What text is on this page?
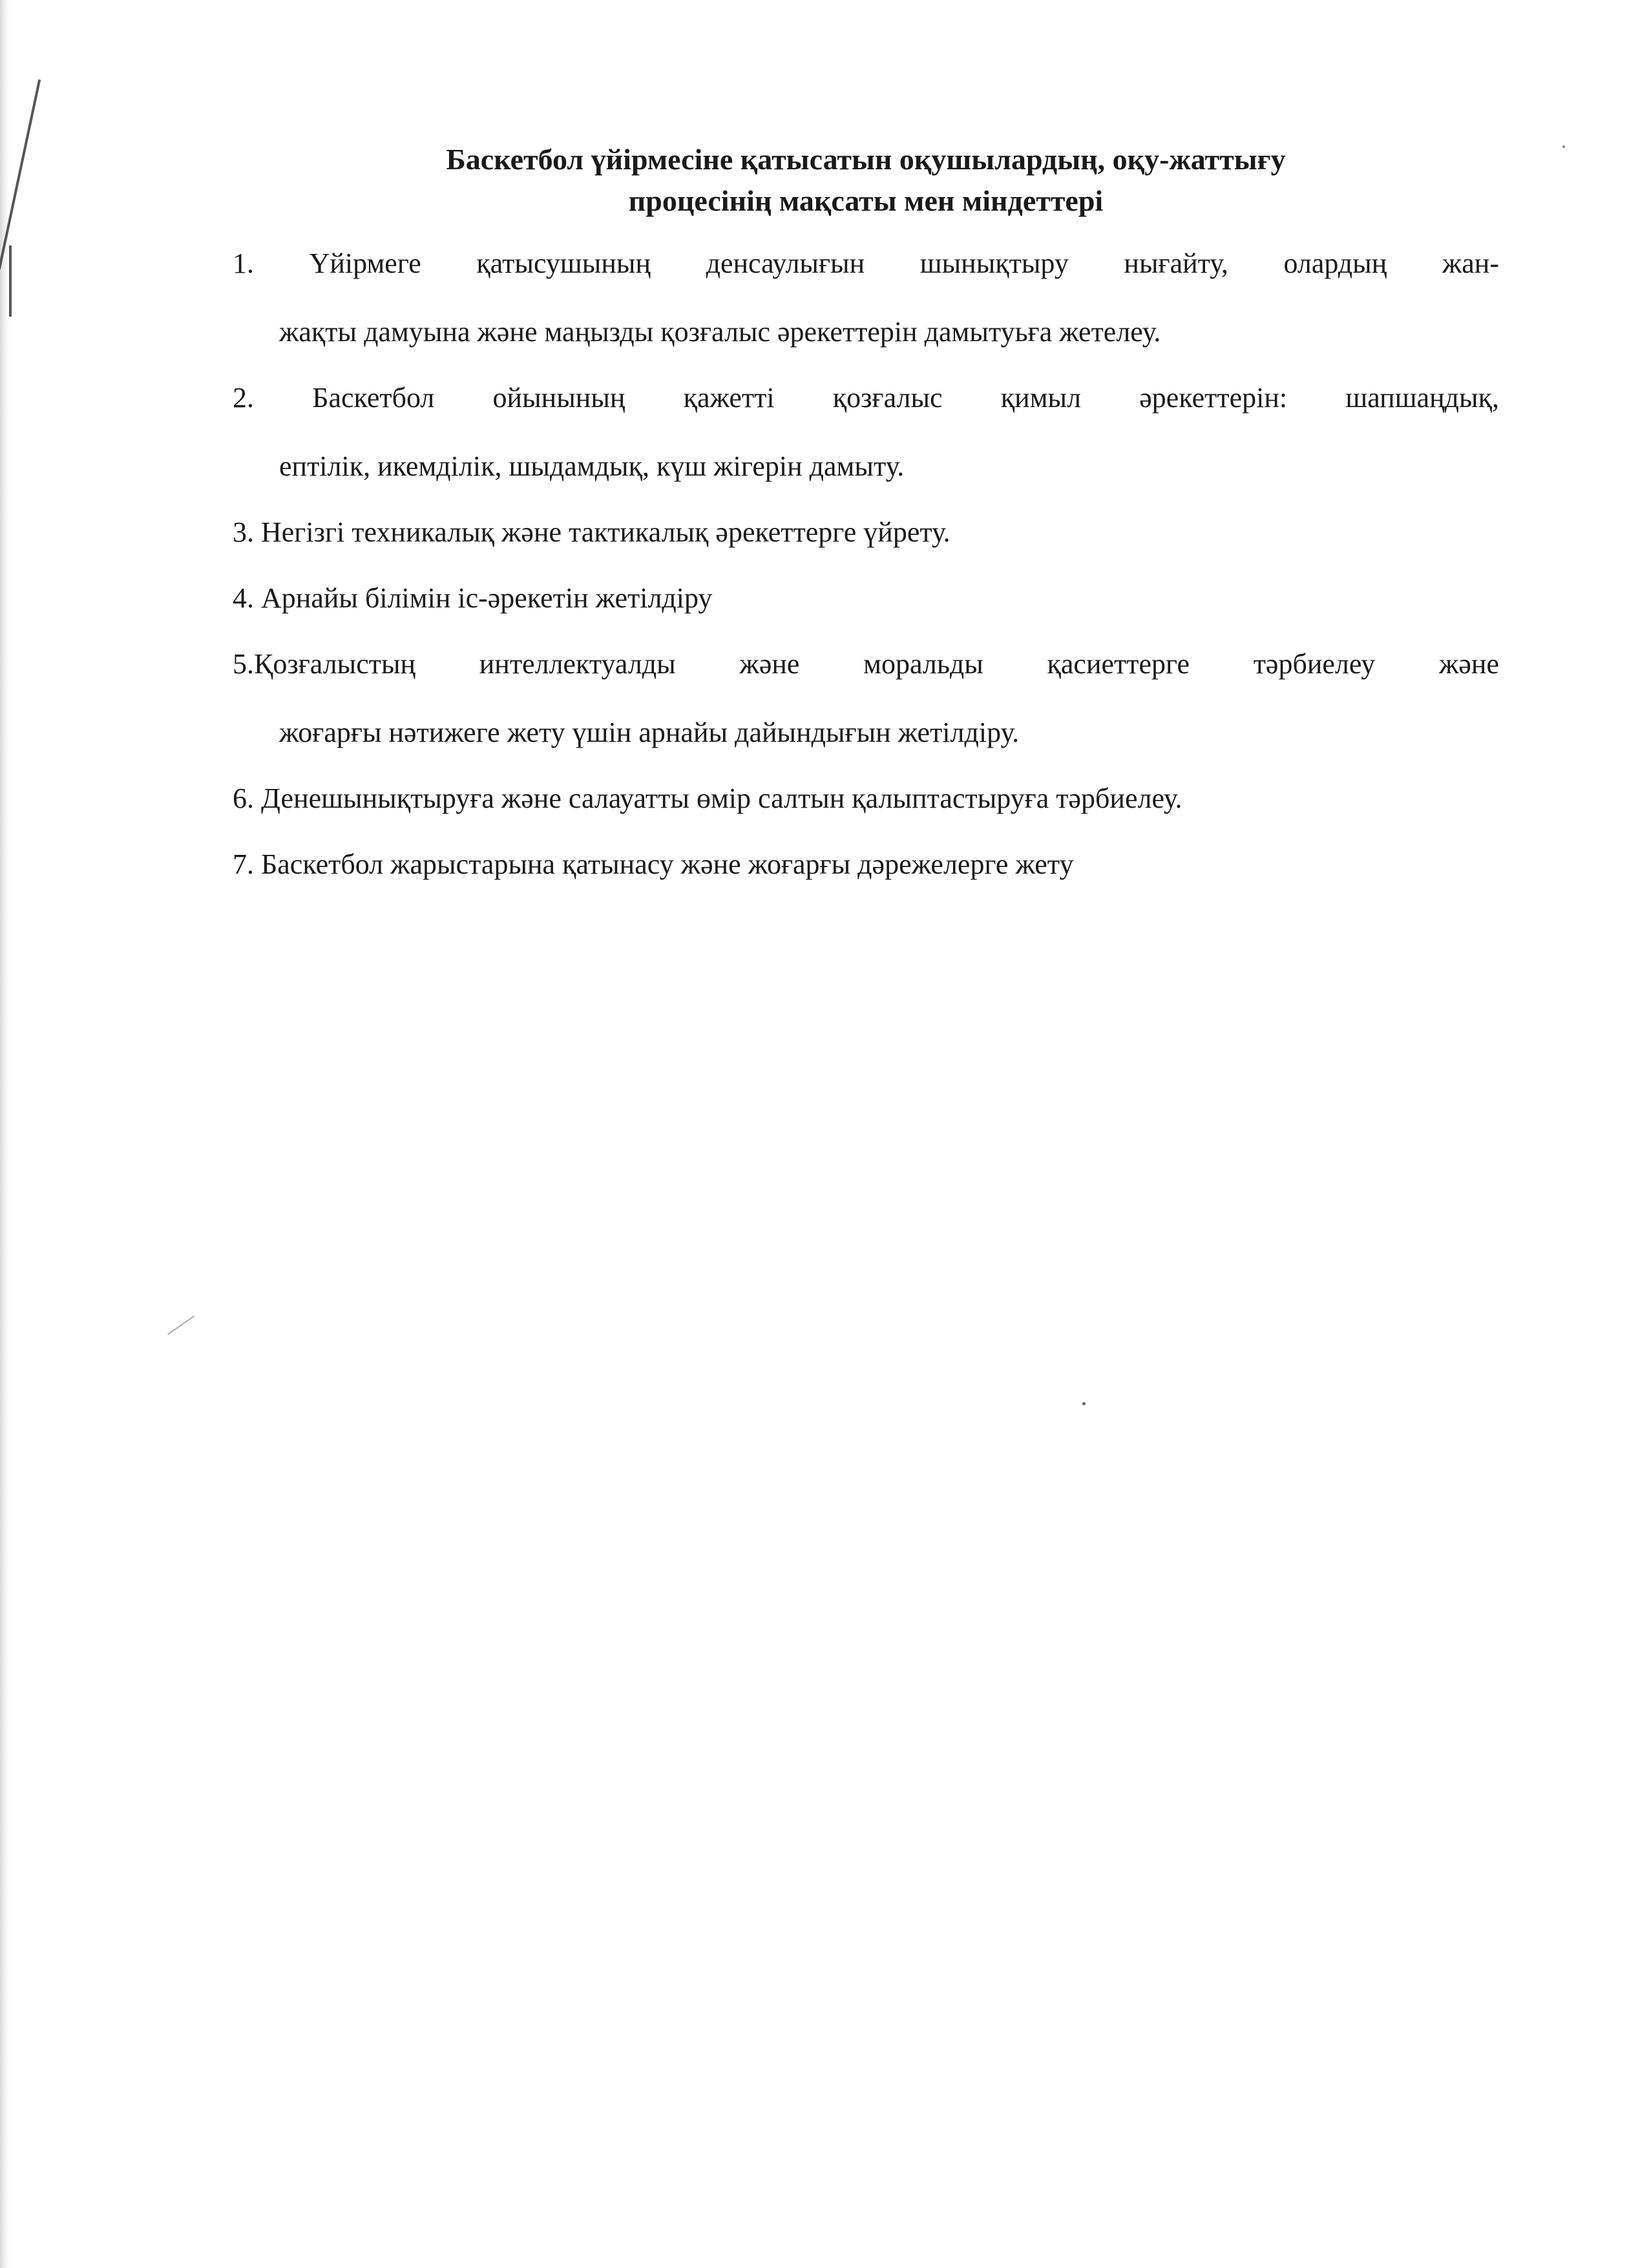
Баскетбол үйірмесіне қатысатын оқушылардың, оқу-жаттығу
процесінің мақсаты мен міндеттері
1. Үйірмеге қатысушының денсаулығын шынықтыру нығайту, олардың жан-
жақты дамуына және маңызды қозғалыс әрекеттерін дамытуьға жетелеу.
2. Баскетбол ойынының қажетті қозғалыс қимыл әрекеттерін: шапшаңдық,
ептілік, икемділік, шыдамдық, күш жігерін дамыту.
3. Негізгі техникалық және тактикалық әрекеттерге үйрету.
4. Арнайы білімін іс-әрекетін жетілдіру
5.Қозғалыстың интеллектуалды және моральды қасиеттерге тәрбиелеу және
жоғарғы нәтижеге жету үшін арнайы дайындығын жетілдіру.
6. Денешынықтыруға және салауатты өмір салтын қалыптастыруға тәрбиелеу.
7. Баскетбол жарыстарына қатынасу және жоғарғы дәрежелерге жету
